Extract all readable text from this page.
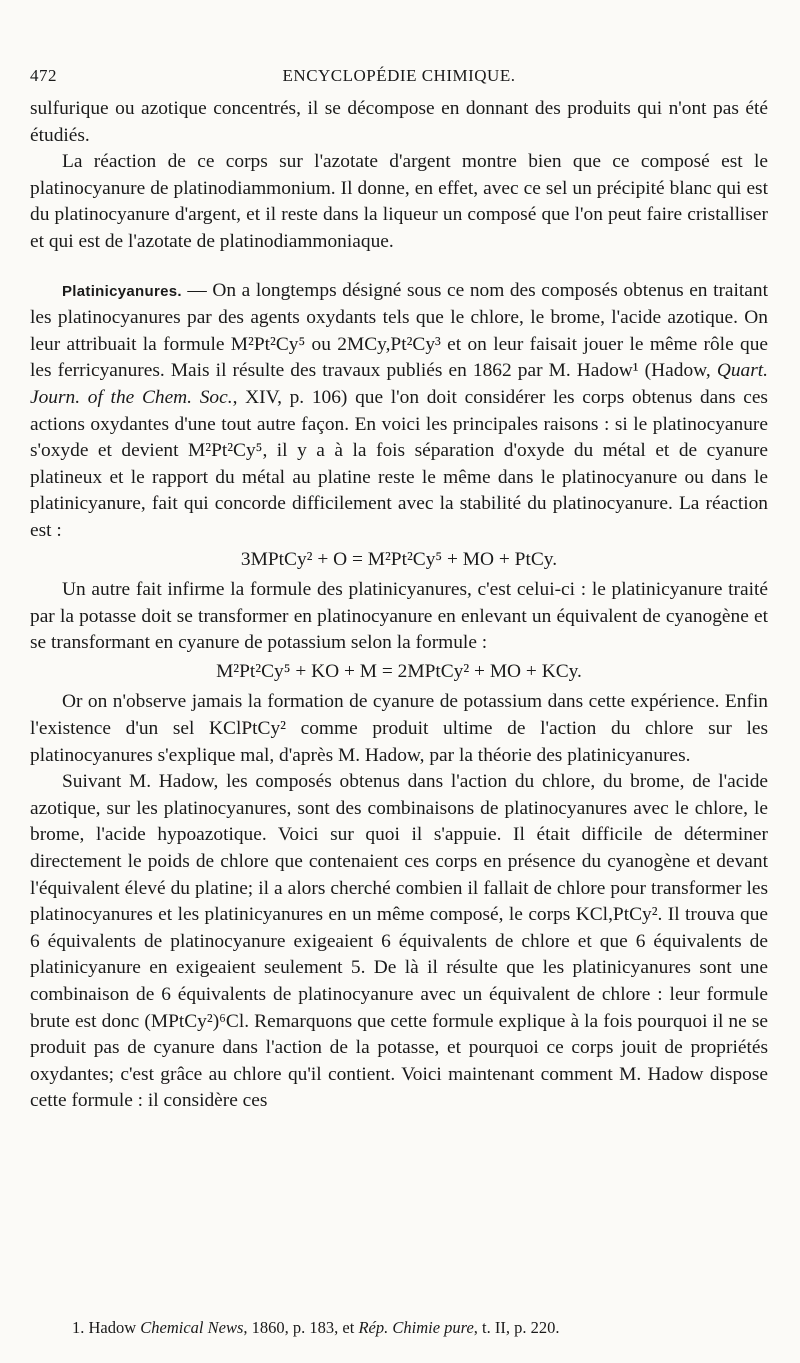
472	ENCYCLOPÉDIE CHIMIQUE.

sulfurique ou azotique concentrés, il se décompose en donnant des produits qui n'ont pas été étudiés.

La réaction de ce corps sur l'azotate d'argent montre bien que ce composé est le platinocyanure de platinodiammonium. Il donne, en effet, avec ce sel un précipité blanc qui est du platinocyanure d'argent, et il reste dans la liqueur un composé que l'on peut faire cristalliser et qui est de l'azotate de platinodiammoniaque.

Platinicyanures. — On a longtemps désigné sous ce nom des composés obtenus en traitant les platinocyanures par des agents oxydants tels que le chlore, le brome, l'acide azotique. On leur attribuait la formule M²Pt²Cy⁵ ou 2MCy,Pt²Cy³ et on leur faisait jouer le même rôle que les ferricyanures. Mais il résulte des travaux publiés en 1862 par M. Hadow¹ (Hadow, Quart. Journ. of the Chem. Soc., XIV, p. 106) que l'on doit considérer les corps obtenus dans ces actions oxydantes d'une tout autre façon. En voici les principales raisons : si le platinocyanure s'oxyde et devient M²Pt²Cy⁵, il y a à la fois séparation d'oxyde du métal et de cyanure platineux et le rapport du métal au platine reste le même dans le platinocyanure ou dans le platinicyanure, fait qui concorde difficilement avec la stabilité du platinocyanure. La réaction est :

3MPtCy² + O = M²Pt²Cy⁵ + MO + PtCy.

Un autre fait infirme la formule des platinicyanures, c'est celui-ci : le platinicyanure traité par la potasse doit se transformer en platinocyanure en enlevant un équivalent de cyanogène et se transformant en cyanure de potassium selon la formule :

M²Pt²Cy⁵ + KO + M = 2MPtCy² + MO + KCy.

Or on n'observe jamais la formation de cyanure de potassium dans cette expérience. Enfin l'existence d'un sel KClPtCy² comme produit ultime de l'action du chlore sur les platinocyanures s'explique mal, d'après M. Hadow, par la théorie des platinicyanures.

Suivant M. Hadow, les composés obtenus dans l'action du chlore, du brome, de l'acide azotique, sur les platinocyanures, sont des combinaisons de platinocyanures avec le chlore, le brome, l'acide hypoazotique. Voici sur quoi il s'appuie. Il était difficile de déterminer directement le poids de chlore que contenaient ces corps en présence du cyanogène et devant l'équivalent élevé du platine; il a alors cherché combien il fallait de chlore pour transformer les platinocyanures et les platinicyanures en un même composé, le corps KCl,PtCy². Il trouva que 6 équivalents de platinocyanure exigeaient 6 équivalents de chlore et que 6 équivalents de platinicyanure en exigeaient seulement 5. De là il résulte que les platinicyanures sont une combinaison de 6 équivalents de platinocyanure avec un équivalent de chlore : leur formule brute est donc (MPtCy²)⁶Cl. Remarquons que cette formule explique à la fois pourquoi il ne se produit pas de cyanure dans l'action de la potasse, et pourquoi ce corps jouit de propriétés oxydantes; c'est grâce au chlore qu'il contient. Voici maintenant comment M. Hadow dispose cette formule : il considère ces

1. Hadow Chemical News, 1860, p. 183, et Rép. Chimie pure, t. II, p. 220.
